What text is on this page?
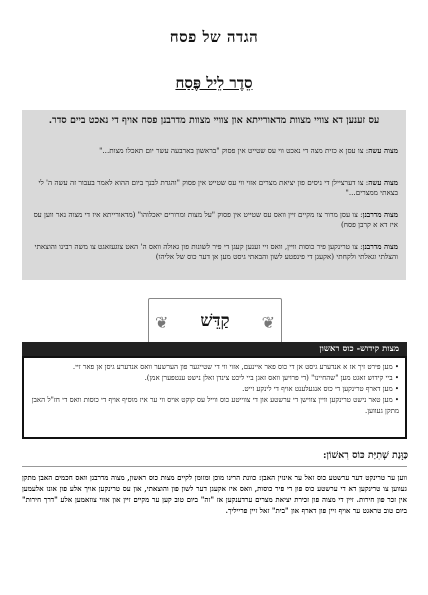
הגדה של פסח
סֵדֶר לֵיל פֶּסַח
עס זענען דא צוויי מצוות מדאורייתא און צוויי מצוות מדרבנן פסח אויף די נאכט ביים סדר.
מצוה עשה: צו עסן א כזית מצה די נאכט ווי עס שטייט אין פסוק "בראשון בארבעה עשר יום תאכלו מצות..."
מצוה עשה: צו דערציילן די ניסים פון יציאת מצרים אזוי ווי עס שטייט אין פסוק "והגדת לבנך ביום ההוא לאמר בעבור זה עשה ה' לי בצאתי ממצרים..."
מצוה מדרבנן: צו עסן מרור צו מקיים זיין וואס עס שטייט אין פסוק "על מצות ומרורים יאכלוהו" (מדאורייתא איז די מצוה נאר ווען עס איז דא א קרבן פסח)
מצוה מדרבנן: צו טרינקען פיר כוסות וויין, וואס זיי זענען קעגן די פיר לשונות פון גאולה וואס ה' האט צוגעזאגט צו משה רבינו והוצאתי והצלתי וגאלתי ולקחתי (אקעגן די פינפטע לשון והבאתי גיסט מען אן דער כוס של אליהו)
❦	❦
קַדֵּשׁ
מצות קידוש- כוס ראשון
• מען פירט זיך אז א אנדערע גיסט אן די כוס פאר איינעם, אזוי ווי די שטייגער פון הערשער וואס אנדערע גיסן אן פאר זיי.
• ביי קידוש זאגט מען "שהחיינו" (די פרויען וואס זאגן ביי ליכט צינדן זאלן נישט ענטפערן אמן).
• מען דארף טרינקען די כוס אנגעלענט אויף די לינקע זייט.
• מען טאר נישט טרינקען וויין צווישן די ערשטע און די צווייטע כוס ווייל עס קוקט אויס ווי ער איז מוסיף אויף די כוסות וואס די חז"ל האבן מתקן געווען.
כַּוָּנַת שְׁתִיַּת כּוֹס רִאשׁוֹן:
ווען ער טרינקט דער ערשטע כוס זאל ער אינזין האבן: כוונת הרינו מוכן ומזומן לקיים מצות כוס ראשון, מצוה מדרבנן וואס חכמים האבן מתקן געווען צו טרינקען דא די ערשטע כוס פון די פיר כוסות, וואס איז אקעגן דער לשון פון והוצאתי, און עס טרינקען אויך אלע פון אונז אלעמען אין זכר פון חירות. זיין די מצוה פון זכירת יציאת מצרים ערדענקען אז "זה" ביום טוב קען ער מקיים זיין און אזוי צוזאמען אלע "דרך חירות" ביום טוב טראגט ער אויף זיין פון דארף און "בית" זאל זיין פרייליך.
